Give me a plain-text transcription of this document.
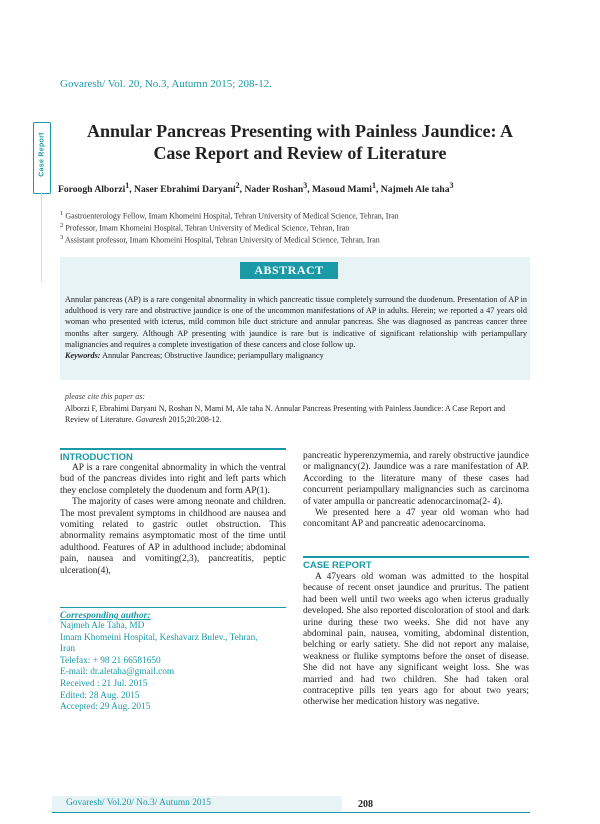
Govaresh/ Vol. 20, No.3, Autumn 2015; 208-12.
Case Report
Annular Pancreas Presenting with Painless Jaundice: A
Case Report and Review of Literature
Foroogh Alborzi$^1$, Naser Ebrahimi Daryani$^2$, Nader Roshan$^3$, Masoud Mami$^1$, Najmeh Ale taha$^3$
$^1$ Gastroenterology Fellow, Imam Khomeini Hospital, Tehran University of Medical Science, Tehran, Iran
$^2$ Professor, Imam Khomeini Hospital, Tehran University of Medical Science, Tehran, Iran
$^3$ Assistant professor, Imam Khomeini Hospital, Tehran University of Medical Science, Tehran, Iran
ABSTRACT
Annular pancreas (AP) is a rare congenital abnormality in which pancreatic tissue completely surround the duodenum. Presentation of AP in adulthood is very rare and obstructive jaundice is one of the uncommon manifestations of AP in adults. Herein; we reported a 47 years old woman who presented with icterus, mild common bile duct stricture and annular pancreas. She was diagnosed as pancreas cancer three months after surgery. Although AP presenting with jaundice is rare but is indicative of significant relationship with periampullary malignancies and requires a complete investigation of these cancers and close follow up.
Keywords: Annular Pancreas; Obstructive Jaundice; periampullary malignancy
please cite this paper as:
Alborzi F, Ebrahimi Daryani N, Roshan N, Mami M, Ale taha N. Annular Pancreas Presenting with Painless Jaundice: A Case Report and Review of Literature. Govaresh 2015;20:208-12.
INTRODUCTION

AP is a rare congenital abnormality in which the ventral bud of the pancreas divides into right and left parts which they enclose completely the duodenum and form AP(1).

The majority of cases were among neonate and children. The most prevalent symptoms in childhood are nausea and vomiting related to gastric outlet obstruction. This abnormality remains asymptomatic most of the time until adulthood. Features of AP in adulthood include; abdominal pain, nausea and vomiting(2,3), pancreatitis, peptic ulceration(4),

Corresponding author:
Najmeh Ale Taha, MD
Imam Khomeini Hospital, Keshavarz Bulev., Tehran,
Iran
Telefax: + 98 21 66581650
E-mail: dr.aletaha@gmail.com
Received : 21 Jul. 2015
Edited: 28 Aug. 2015
Accepted: 29 Aug. 2015

pancreatic hyperenzymemia, and rarely obstructive jaundice or malignancy(2). Jaundice was a rare manifestation of AP. According to the literature many of these cases had concurrent periampullary malignancies such as carcinoma of vater ampulla or pancreatic adenocarcinoma(2- 4).

We presented here a 47 year old woman who had concomitant AP and pancreatic adenocarcinoma.

CASE REPORT

A 47years old woman was admitted to the hospital because of recent onset jaundice and pruritus. The patient had been well until two weeks ago when icterus gradually developed. She also reported discoloration of stool and dark urine during these two weeks. She did not have any abdominal pain, nausea, vomiting, abdominal distention, belching or early satiety. She did not report any malaise, weakness or flulike symptoms before the onset of disease. She did not have any significant weight loss. She was married and had two children. She had taken oral contraceptive pills ten years ago for about two years; otherwise her medication history was negative.

Govaresh/ Vol.20/ No.3/ Autumn 2015	208
